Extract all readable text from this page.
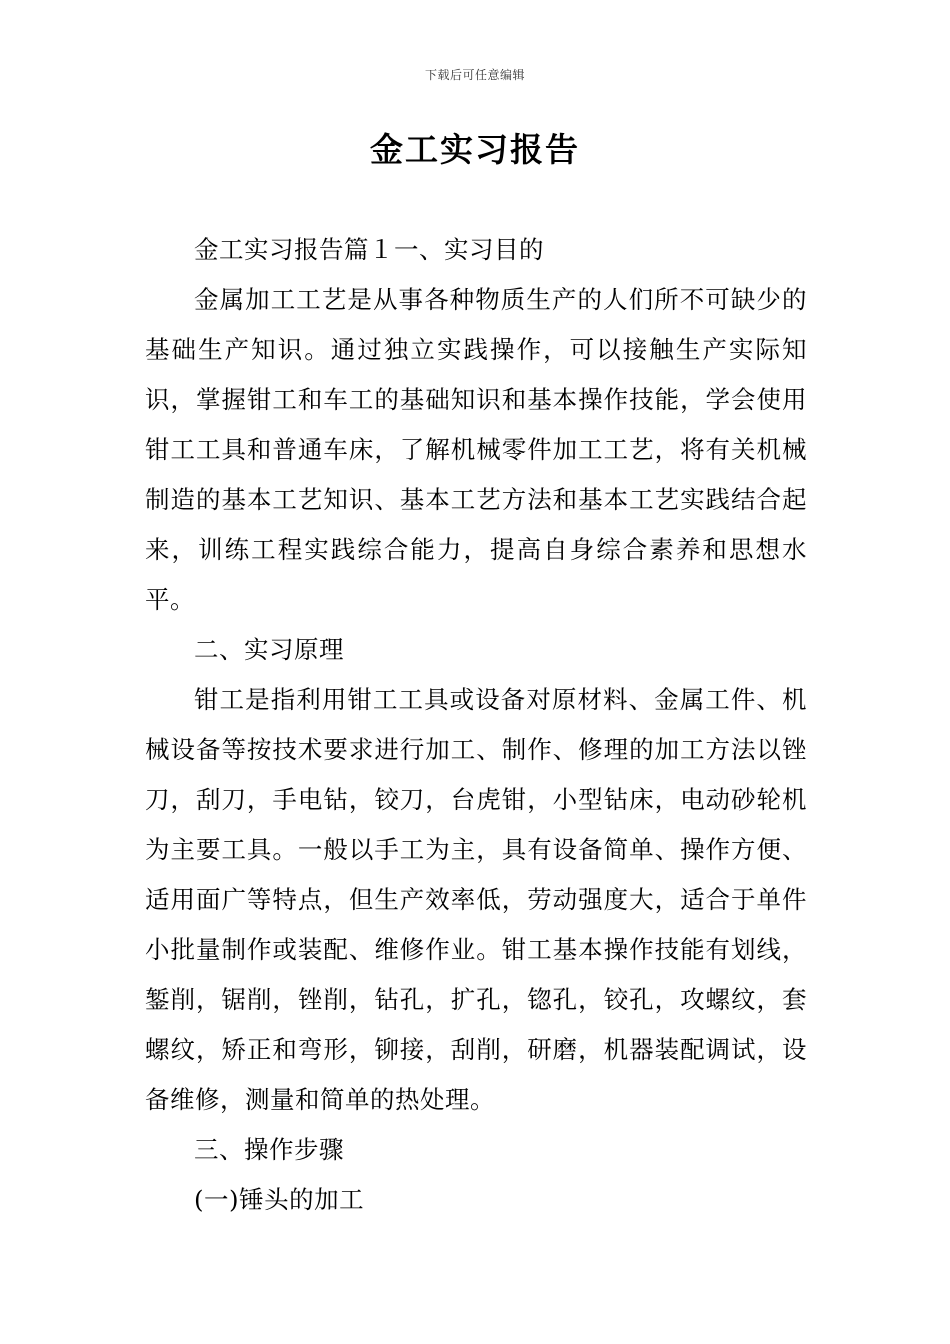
下载后可任意编辑
金工实习报告

金工实习报告篇１一、实习目的

金属加工工艺是从事各种物质生产的人们所不可缺少的基础生产知识。通过独立实践操作，可以接触生产实际知识，掌握钳工和车工的基础知识和基本操作技能，学会使用钳工工具和普通车床，了解机械零件加工工艺，将有关机械制造的基本工艺知识、基本工艺方法和基本工艺实践结合起来，训练工程实践综合能力，提高自身综合素养和思想水平。

二、实习原理

钳工是指利用钳工工具或设备对原材料、金属工件、机械设备等按技术要求进行加工、制作、修理的加工方法以锉刀，刮刀，手电钻，铰刀，台虎钳，小型钻床，电动砂轮机为主要工具。一般以手工为主，具有设备简单、操作方便、适用面广等特点，但生产效率低，劳动强度大，适合于单件小批量制作或装配、维修作业。钳工基本操作技能有划线，錾削，锯削，锉削，钻孔，扩孔，锪孔，铰孔，攻螺纹，套螺纹，矫正和弯形，铆接，刮削，研磨，机器装配调试，设备维修，测量和简单的热处理。

三、操作步骤

(一)锤头的加工
